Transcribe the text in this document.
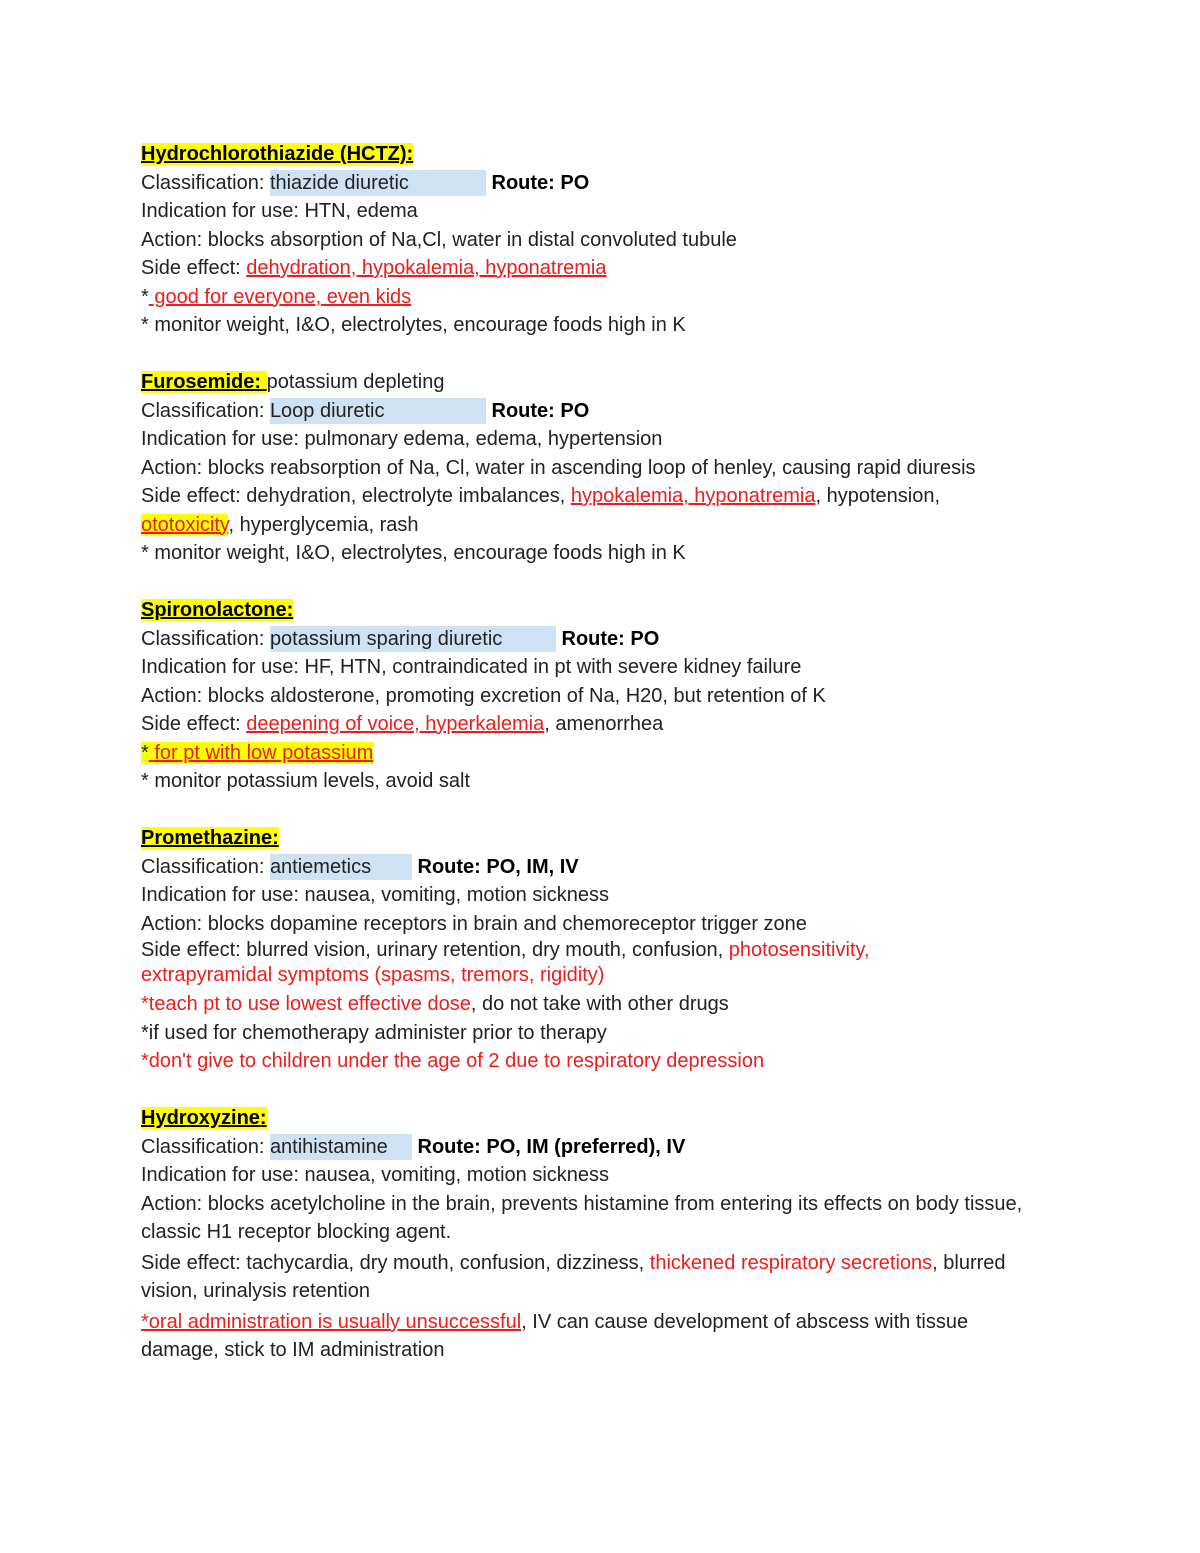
Hydrochlorothiazide (HCTZ):
Classification: thiazide diuretic	Route: PO
Indication for use: HTN, edema
Action: blocks absorption of Na,Cl, water in distal convoluted tubule
Side effect: dehydration, hypokalemia, hyponatremia
* good for everyone, even kids
* monitor weight, I&O, electrolytes, encourage foods high in K
Furosemide: potassium depleting
Classification: Loop diuretic	Route: PO
Indication for use: pulmonary edema, edema, hypertension
Action: blocks reabsorption of Na, Cl, water in ascending loop of henley, causing rapid diuresis
Side effect: dehydration, electrolyte imbalances, hypokalemia, hyponatremia, hypotension,
ototoxicity, hyperglycemia, rash
* monitor weight, I&O, electrolytes, encourage foods high in K
Spironolactone:
Classification: potassium sparing diuretic	Route: PO
Indication for use: HF, HTN, contraindicated in pt with severe kidney failure
Action: blocks aldosterone, promoting excretion of Na, H20, but retention of K
Side effect: deepening of voice, hyperkalemia, amenorrhea
* for pt with low potassium
* monitor potassium levels, avoid salt
Promethazine:
Classification: antiemetics Route: PO, IM, IV
Indication for use: nausea, vomiting, motion sickness
Action: blocks dopamine receptors in brain and chemoreceptor trigger zone
Side effect: blurred vision, urinary retention, dry mouth, confusion, photosensitivity, extrapyramidal symptoms (spasms, tremors, rigidity)
*teach pt to use lowest effective dose, do not take with other drugs
*if used for chemotherapy administer prior to therapy
*don't give to children under the age of 2 due to respiratory depression
Hydroxyzine:
Classification: antihistamine Route: PO, IM (preferred), IV
Indication for use: nausea, vomiting, motion sickness
Action: blocks acetylcholine in the brain, prevents histamine from entering its effects on body tissue, classic H1 receptor blocking agent.
Side effect: tachycardia, dry mouth, confusion, dizziness, thickened respiratory secretions, blurred vision, urinalysis retention
*oral administration is usually unsuccessful, IV can cause development of abscess with tissue damage, stick to IM administration
